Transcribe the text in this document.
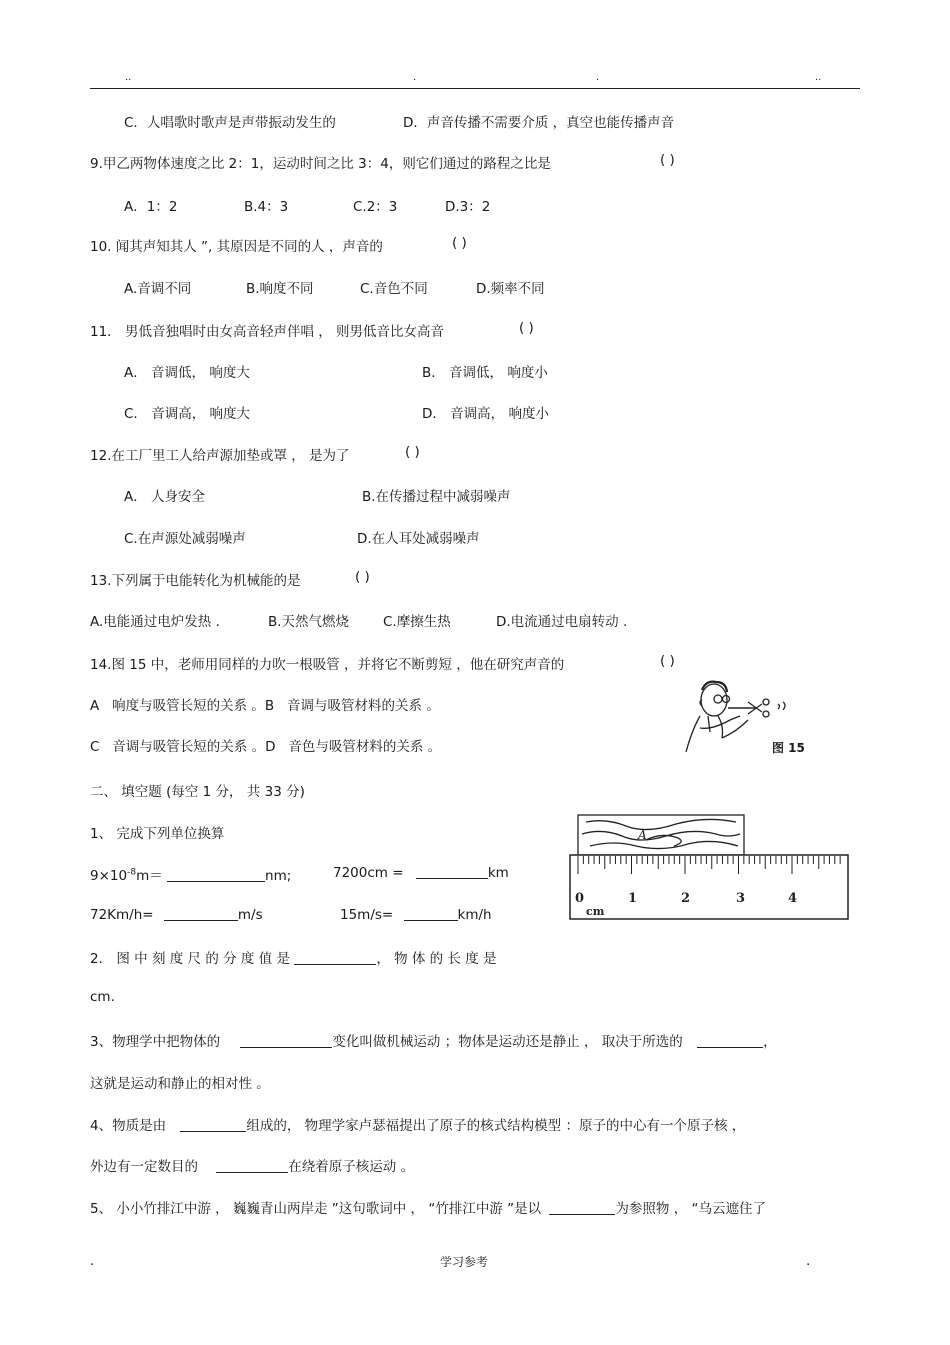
..	.	.	..
C．人唱歌时歌声是声带振动发生的	D．声音传播不需要介质 ，真空也能传播声音
9.甲乙两物体速度之比 2：1，运动时间之比 3：4，则它们通过的路程之比是	( )
A．1：2	B.4：3	C.2：3	D.3：2
10. 闻其声知其人 ”, 其原因是不同的人 ，声音的	( )
A.音调不同	B.响度不同	C.音色不同	D.频率不同
11． 男低音独唱时由女高音轻声伴唱 ， 则男低音比女高音	( )
A． 音调低， 响度大	B． 音调低， 响度小
C． 音调高， 响度大	D． 音调高， 响度小
12.在工厂里工人给声源加垫或罩 ， 是为了	( )
A． 人身安全	B.在传播过程中减弱噪声
C.在声源处减弱噪声	D.在人耳处减弱噪声
13.下列属于电能转化为机械能的是	( )
A.电能通过电炉发热 .	B.天然气燃烧	C.摩擦生热	D.电流通过电扇转动 .
14.图 15 中，老师用同样的力吹一根吸管 ，并将它不断剪短 ，他在研究声音的	( )
A   响度与吸管长短的关系 。B   音调与吸管材料的关系 。
C   音调与吸管长短的关系 。D   音色与吸管材料的关系 。	图 15
二、 填空题 (每空 1 分， 共 33 分)
1、 完成下列单位换算
$9\times 10^{-8}m=$	nm;	7200cm =	km
72Km/h=	m/s	15m/s=	km/h
A
0	1	2	3	4
cm
2． 图 中 刻 度 尺 的 分 度 值 是	， 物 体 的 长 度 是
cm.
3、物理学中把物体的	变化叫做机械运动 ；物体是运动还是静止 ， 取决于所选的	，
这就是运动和静止的相对性 。
4、物质是由	组成的， 物理学家卢瑟福提出了原子的核式结构模型 ：原子的中心有一个原子核 ，
外边有一定数目的	在绕着原子核运动 。
5、 小小竹排江中游 ， 巍巍青山两岸走 ”这句歌词中 ， “竹排江中游 ”是以	为参照物 ， “乌云遮住了
.	学习参考	.
